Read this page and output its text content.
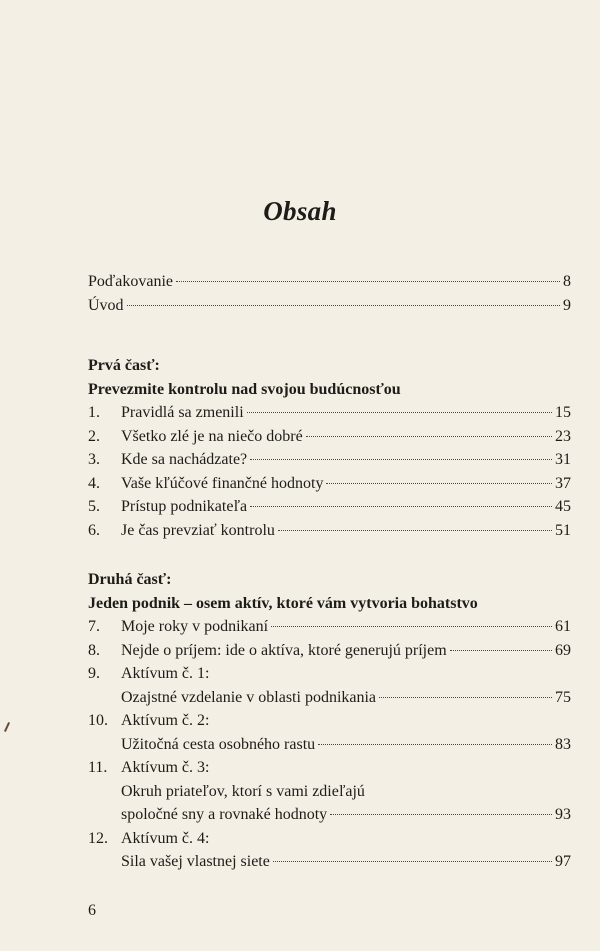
Obsah
Poďakovanie	8
Úvod	9
Prvá časť:
Prevezmite kontrolu nad svojou budúcnosťou
1.	Pravidlá sa zmenili	15
2.	Všetko zlé je na niečo dobré	23
3.	Kde sa nachádzate?	31
4.	Vaše kľúčové finančné hodnoty	37
5.	Prístup podnikateľa	45
6.	Je čas prevziať kontrolu	51
Druhá časť:
Jeden podnik – osem aktív, ktoré vám vytvoria bohatstvo
7.	Moje roky v podnikaní	61
8.	Nejde o príjem: ide o aktíva, ktoré generujú príjem	69
9.	Aktívum č. 1:
Ozajstné vzdelanie v oblasti podnikania	75
10. Aktívum č. 2:
Užitočná cesta osobného rastu	83
11. Aktívum č. 3:
Okruh priateľov, ktorí s vami zdieľajú
spoločné sny a rovnaké hodnoty	93
12. Aktívum č. 4:
Sila vašej vlastnej siete	97
6
